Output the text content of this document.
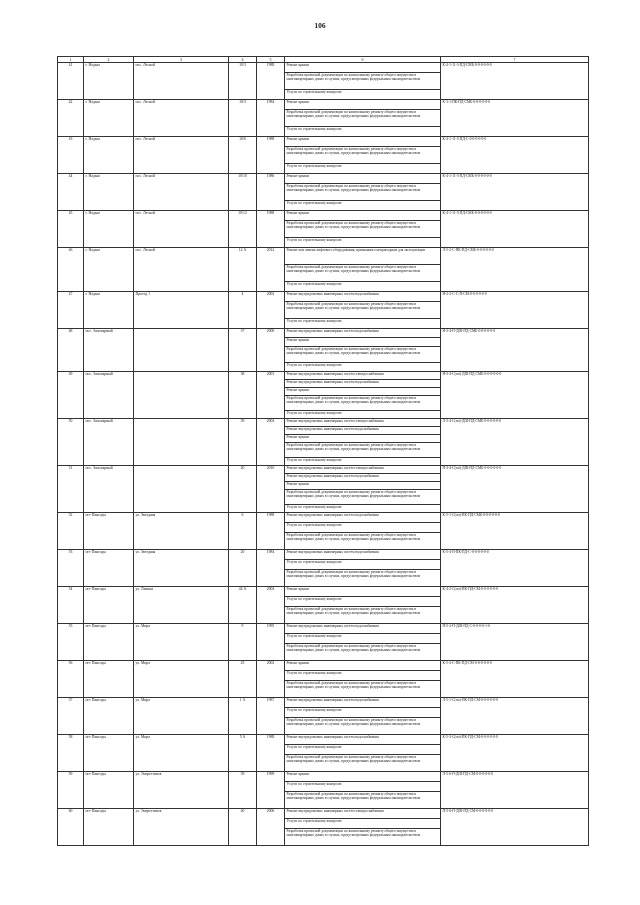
106
1	2	3	4	5	6	7
41	г. Надым	пос. Лесной	10/3	1988	Ремонт крыши	К-4-1-11-3-ПД-СМБ-0-0-0-0-0-0
					Разработка проектной документации по капитальному ремонту общего имущества в многоквартирных домах в случаях, предусмотренных федеральным законодательством	
					Услуги по строительному контролю	
42	г. Надым	пос. Лесной	10/3	1984	Ремонт крыши	К-3-1-ПК-ПД-СМБ-0-0-0-0-0-0
					Разработка проектной документации по капитальному ремонту общего имущества в многоквартирных домах в случаях, предусмотренных федеральным законодательством	
					Услуги по строительному контролю	
43	г. Надым	пос. Лесной	10/6	1988	Ремонт крыши	К-4-1-11-3-ПД-С-0-0-0-0-0-0
					Разработка проектной документации по капитальному ремонту общего имущества в многоквартирных домах в случаях, предусмотренных федеральным законодательством	
					Услуги по строительному контролю	
44	г. Надым	пос. Лесной	10/10	1986	Ремонт крыши	К-4-1-11-3-ПД-СМБ-0-0-0-0-0-0
					Разработка проектной документации по капитальному ремонту общего имущества в многоквартирных домах в случаях, предусмотренных федеральным законодательством	
					Услуги по строительному контролю	
45	г. Надым	пос. Лесной	10/12	1988	Ремонт крыши	К-4-1-11-3-ПД-СМБ-0-0-0-0-0-0
					Разработка проектной документации по капитальному ремонту общего имущества в многоквартирных домах в случаях, предусмотренных федеральным законодательством	
					Услуги по строительному контролю	
46	г. Надым	пос. Лесной	12 А	2012	Ремонт или замена лифтового оборудования, признанного непригодным для эксплуатации	Л-5-2-С-ПК-ПД-СМБ-0-0-0-0-0-0
					Разработка проектной документации по капитальному ремонту общего имущества в многоквартирных домах в случаях, предусмотренных федеральным законодательством	
					Услуги по строительному контролю	
47	г. Надым	Проезд 1	4	2002	Ремонт внутридомовых инженерных систем водоснабжения	Н-2-2-С-С-П-СМ-0-0-0-0-0-0
					Разработка проектной документации по капитальному ремонту общего имущества в многоквартирных домах в случаях, предусмотренных федеральным законодательством	
					Услуги по строительному контролю	
48	пос. Заполярный		37	2000	Ремонт внутридомовых инженерных систем водоснабжения	Н-3-4-П-ДШ-ПД-СМБ-0-0-0-0-0-0
					Ремонт крыши	
					Разработка проектной документации по капитальному ремонту общего имущества в многоквартирных домах в случаях, предусмотренных федеральным законодательством	
					Услуги по строительному контролю	
49	пос. Заполярный		38	2001	Ремонт внутридомовых инженерных систем электроснабжения	Н-3-4-С(пп)-ДШ-ПД-СМБ-0-0-0-0-0-0
					Ремонт внутридомовых инженерных систем водоснабжения	
					Ремонт крыши	
					Разработка проектной документации по капитальному ремонту общего имущества в многоквартирных домах в случаях, предусмотренных федеральным законодательством	
					Услуги по строительному контролю	
50	пос. Заполярный		39	2004	Ремонт внутридомовых инженерных систем электроснабжения	Л-3-4-С(пп)-ДШ-ПД-СМБ-0-0-0-0-0-0
					Ремонт внутридомовых инженерных систем водоснабжения	
					Ремонт крыши	
					Разработка проектной документации по капитальному ремонту общего имущества в многоквартирных домах в случаях, предусмотренных федеральным законодательством	
					Услуги по строительному контролю	
51	пос. Заполярный		40	2010	Ремонт внутридомовых инженерных систем электроснабжения	П-3-4-С(пп)-ДШ-ПД-СМБ-0-0-0-0-0-0
					Ремонт внутридомовых инженерных систем водоснабжения	
					Ремонт крыши	
					Разработка проектной документации по капитальному ремонту общего имущества в многоквартирных домах в случаях, предусмотренных федеральным законодательством	
					Услуги по строительному контролю	
52	пгт Пангоды	ул. Звездная	6	1988	Ремонт внутридомовых инженерных систем водоснабжения	К-5-1-С(пп)-ПК-ПД-СМБ-0-0-0-0-0-0
					Услуги по строительному контролю	
					Разработка проектной документации по капитальному ремонту общего имущества в многоквартирных домах в случаях, предусмотренных федеральным законодательством	
53	пгт Пангоды	ул. Звездная	20	1984	Ремонт внутридомовых инженерных систем водоснабжения	К-5-4-П-ПК-ПД-С-0-0-0-0-0-0
					Услуги по строительному контролю	
					Разработка проектной документации по капитальному ремонту общего имущества в многоквартирных домах в случаях, предусмотренных федеральным законодательством	
54	пгт Пангоды	ул. Ленина	44 А	2004	Ремонт крыши	К-4-2-С(пп)-ПК-ПД-СМ-0-0-0-0-0-0
					Услуги по строительному контролю	
					Разработка проектной документации по капитальному ремонту общего имущества в многоквартирных домах в случаях, предусмотренных федеральным законодательством	
55	пгт Пангоды	ул. Мира	9	1995	Ремонт внутридомовых инженерных систем водоснабжения	П-5-2-П-ДШ-ПД-С-0-0-0-0-1-0
					Услуги по строительному контролю	
					Разработка проектной документации по капитальному ремонту общего имущества в многоквартирных домах в случаях, предусмотренных федеральным законодательством	
56	пгт Пангоды	ул. Мира	25	2002	Ремонт крыши	К-5-4-С-ПК-ПД-СМ-0-0-0-0-0-0
					Услуги по строительному контролю	
					Разработка проектной документации по капитальному ремонту общего имущества в многоквартирных домах в случаях, предусмотренных федеральным законодательством	
57	пгт Пангоды	ул. Мира	1 А	1987	Ремонт внутридомовых инженерных систем водоснабжения	Л-5-1-С(пп)-ПК-ПД-СМ-0-0-0-0-0-0
					Услуги по строительному контролю	
					Разработка проектной документации по капитальному ремонту общего имущества в многоквартирных домах в случаях, предусмотренных федеральным законодательством	
58	пгт Пангоды	ул. Мира	5 А	1988	Ремонт внутридомовых инженерных систем водоснабжения	К-5-3-С(пп)-ПК-ПД-СМ-0-0-0-0-0-0
					Услуги по строительному контролю	
					Разработка проектной документации по капитальному ремонту общего имущества в многоквартирных домах в случаях, предусмотренных федеральным законодательством	
59	пгт Пангоды	ул. Энергетиков	39	1999	Ремонт крыши	Л-5-6-П-ДШ-ПД-СМ-0-0-0-0-0-0
					Услуги по строительному контролю	
					Разработка проектной документации по капитальному ремонту общего имущества в многоквартирных домах в случаях, предусмотренных федеральным законодательством	
60	пгт Пангоды	ул. Энергетиков	40	2006	Ремонт внутридомовых инженерных систем электроснабжения	П-5-6-П-ДШ-ПД-СМ-0-0-0-0-0-0
					Услуги по строительному контролю	
					Разработка проектной документации по капитальному ремонту общего имущества в многоквартирных домах в случаях, предусмотренных федеральным законодательством	
